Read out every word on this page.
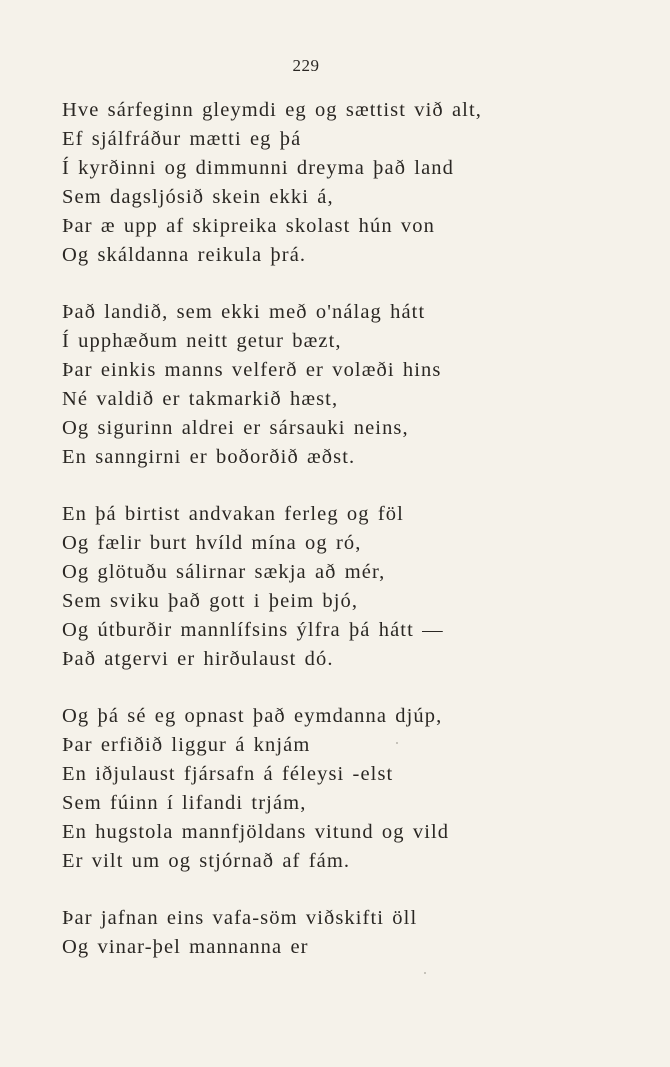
229
Hve sárfeginn gleymdi eg og sættist við alt,
Ef sjálfráður mætti eg þá
Í kyrðinni og dimmunni dreyma það land
Sem dagsljósið skein ekki á,
Þar æ upp af skipreika skolast hún von
Og skáldanna reikula þrá.
Það landið, sem ekki með o'nálag hátt
Í upphæðum neitt getur bæzt,
Þar einkis manns velferð er volæði hins
Né valdið er takmarkið hæst,
Og sigurinn aldrei er sársauki neins,
En sanngirni er boðorðið æðst.
En þá birtist andvakan ferleg og föl
Og fælir burt hvíld mína og ró,
Og glötuðu sálirnar sækja að mér,
Sem sviku það gott i þeim bjó,
Og útburðir mannlífsins ýlfra þá hátt —
Það atgervi er hirðulaust dó.
Og þá sé eg opnast það eymdanna djúp,
Þar erfiðið liggur á knjám
En iðjulaust fjársafn á féleysi -elst
Sem fúinn í lifandi trjám,
En hugstola mannfjöldans vitund og vild
Er vilt um og stjórnað af fám.
Þar jafnan eins vafa-söm viðskifti öll
Og vinar-þel mannanna er
